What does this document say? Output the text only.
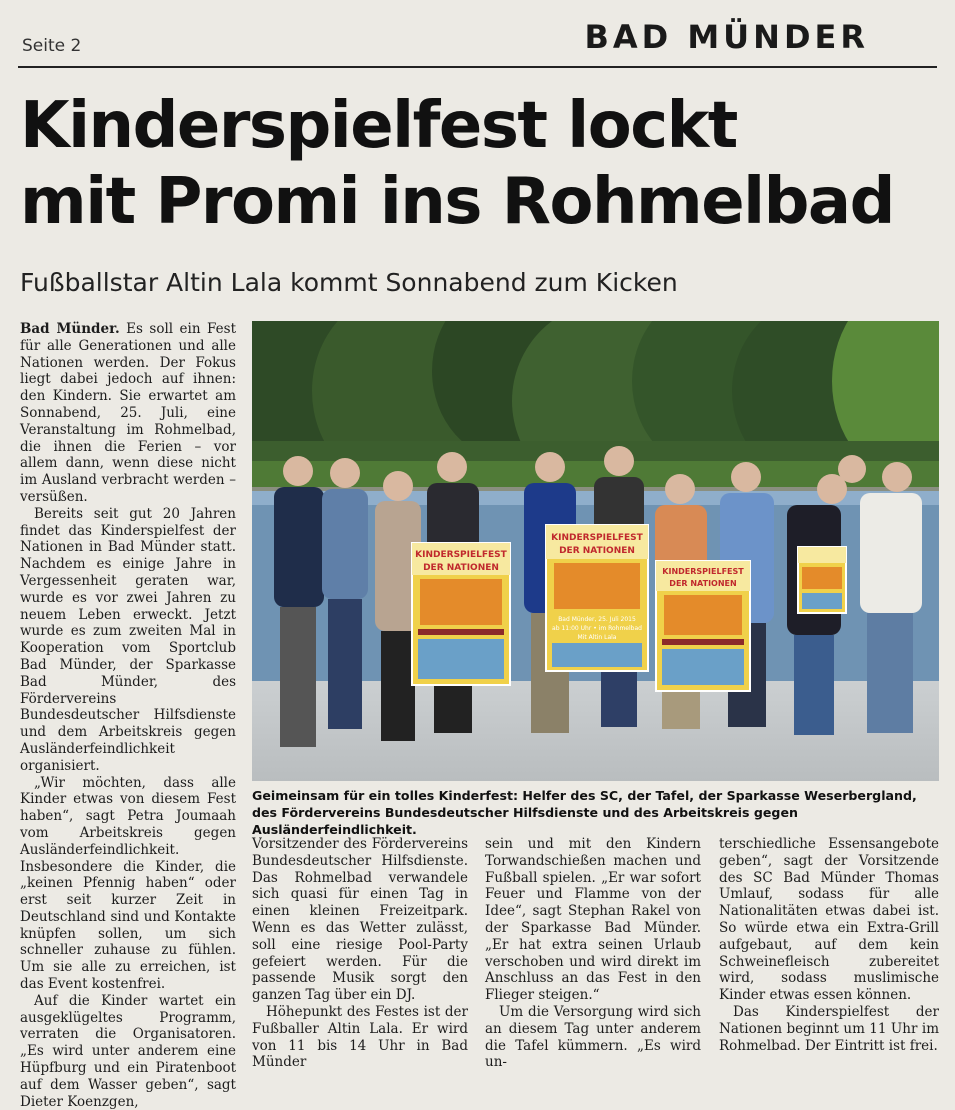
Seite 2	BAD MÜNDER
Kinderspielfest lockt
mit Promi ins Rohmelbad
Fußballstar Altin Lala kommt Sonnabend zum Kicken

Bad Münder. Es soll ein Fest für alle Generationen und alle Nationen werden. Der Fokus liegt dabei jedoch auf ihnen: den Kindern. Sie erwartet am Sonnabend, 25. Juli, eine Veranstaltung im Rohmelbad, die ihnen die Ferien – vor allem dann, wenn diese nicht im Ausland verbracht werden – versüßen.

Bereits seit gut 20 Jahren findet das Kinderspielfest der Nationen in Bad Münder statt. Nachdem es einige Jahre in Vergessenheit geraten war, wurde es vor zwei Jahren zu neuem Leben erweckt. Jetzt wurde es zum zweiten Mal in Kooperation vom Sportclub Bad Münder, der Sparkasse Bad Münder, des Fördervereins Bundesdeutscher Hilfsdienste und dem Arbeitskreis gegen Ausländerfeindlichkeit organisiert.

„Wir möchten, dass alle Kinder etwas von diesem Fest haben“, sagt Petra Joumaah vom Arbeitskreis gegen Ausländerfeindlichkeit. Insbesondere die Kinder, die „keinen Pfennig haben“ oder erst seit kurzer Zeit in Deutschland sind und Kontakte knüpfen sollen, um sich schneller zuhause zu fühlen. Um sie alle zu erreichen, ist das Event kostenfrei.

Auf die Kinder wartet ein ausgeklügeltes Programm, verraten die Organisatoren. „Es wird unter anderem eine Hüpfburg und ein Piratenboot auf dem Wasser geben“, sagt Dieter Koenzgen,

KINDERSPIELFEST
DER NATIONEN
KINDERSPIELFEST
DER NATIONEN
Bad Münder, 25. Juli 2015
ab 11:00 Uhr • im Rohmelbad
Mit Altin Lala
KINDERSPIELFEST
DER NATIONEN

Geimeinsam für ein tolles Kinderfest: Helfer des SC, der Tafel, der Sparkasse Weserbergland, des Fördervereins Bundesdeutscher Hilfsdienste und des Arbeitskreis gegen Ausländerfeindlichkeit.

Vorsitzender des Fördervereins Bundesdeutscher Hilfsdienste. Das Rohmelbad verwandele sich quasi für einen Tag in einen kleinen Freizeitpark. Wenn es das Wetter zulässt, soll eine riesige Pool-Party gefeiert werden. Für die passende Musik sorgt den ganzen Tag über ein DJ.

Höhepunkt des Festes ist der Fußballer Altin Lala. Er wird von 11 bis 14 Uhr in Bad Münder

sein und mit den Kindern Torwandschießen machen und Fußball spielen. „Er war sofort Feuer und Flamme von der Idee“, sagt Stephan Rakel von der Sparkasse Bad Münder. „Er hat extra seinen Urlaub verschoben und wird direkt im Anschluss an das Fest in den Flieger steigen.“

Um die Versorgung wird sich an diesem Tag unter anderem die Tafel kümmern. „Es wird un-

terschiedliche Essensangebote geben“, sagt der Vorsitzende des SC Bad Münder Thomas Umlauf, sodass für alle Nationalitäten etwas dabei ist. So würde etwa ein Extra-Grill aufgebaut, auf dem kein Schweinefleisch zubereitet wird, sodass muslimische Kinder etwas essen können.

Das Kinderspielfest der Nationen beginnt um 11 Uhr im Rohmelbad. Der Eintritt ist frei.
